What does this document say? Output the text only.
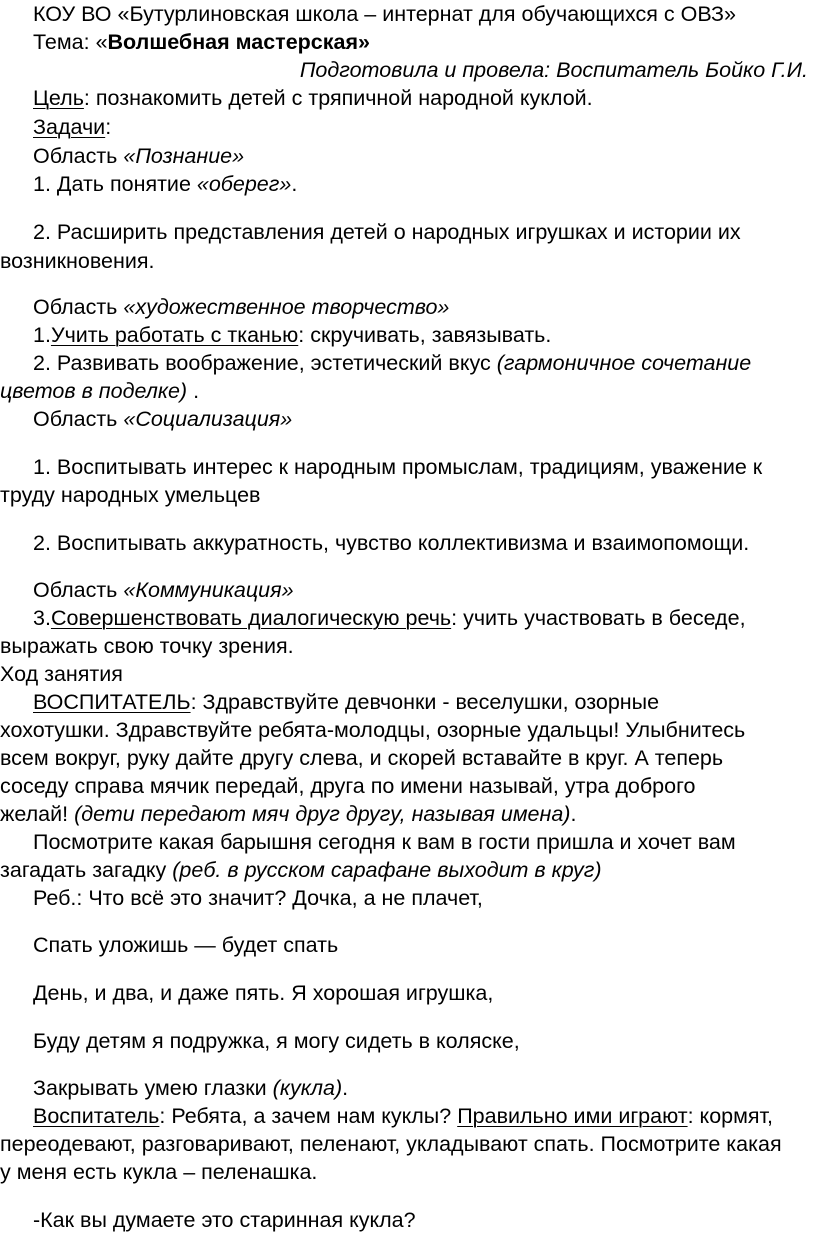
КОУ ВО «Бутурлиновская школа – интернат для обучающихся с ОВЗ»
Тема: «Волшебная мастерская»
Подготовила и провела: Воспитатель Бойко Г.И.
Цель: познакомить детей с тряпичной народной куклой.
Задачи:
Область «Познание»
1. Дать понятие «оберег».
2. Расширить представления детей о народных игрушках и истории их
возникновения.
Область «художественное творчество»
1.Учить работать с тканью: скручивать, завязывать.
2. Развивать воображение, эстетический вкус (гармоничное сочетание
цветов в поделке) .
Область «Социализация»
1. Воспитывать интерес к народным промыслам, традициям, уважение к
труду народных умельцев
2. Воспитывать аккуратность, чувство коллективизма и взаимопомощи.
Область «Коммуникация»
3.Совершенствовать диалогическую речь: учить участвовать в беседе,
выражать свою точку зрения.
Ход занятия
ВОСПИТАТЕЛЬ: Здравствуйте девчонки - веселушки, озорные
хохотушки. Здравствуйте ребята-молодцы, озорные удальцы! Улыбнитесь
всем вокруг, руку дайте другу слева, и скорей вставайте в круг. А теперь
соседу справа мячик передай, друга по имени называй, утра доброго
желай! (дети передают мяч друг другу, называя имена).
Посмотрите какая барышня сегодня к вам в гости пришла и хочет вам
загадать загадку (реб. в русском сарафане выходит в круг)
Реб.: Что всё это значит? Дочка, а не плачет,
Спать уложишь — будет спать
День, и два, и даже пять. Я хорошая игрушка,
Буду детям я подружка, я могу сидеть в коляске,
Закрывать умею глазки (кукла).
Воспитатель: Ребята, а зачем нам куклы? Правильно ими играют: кормят,
переодевают, разговаривают, пеленают, укладывают спать. Посмотрите какая
у меня есть кукла – пеленашка.
-Как вы думаете это старинная кукла?
